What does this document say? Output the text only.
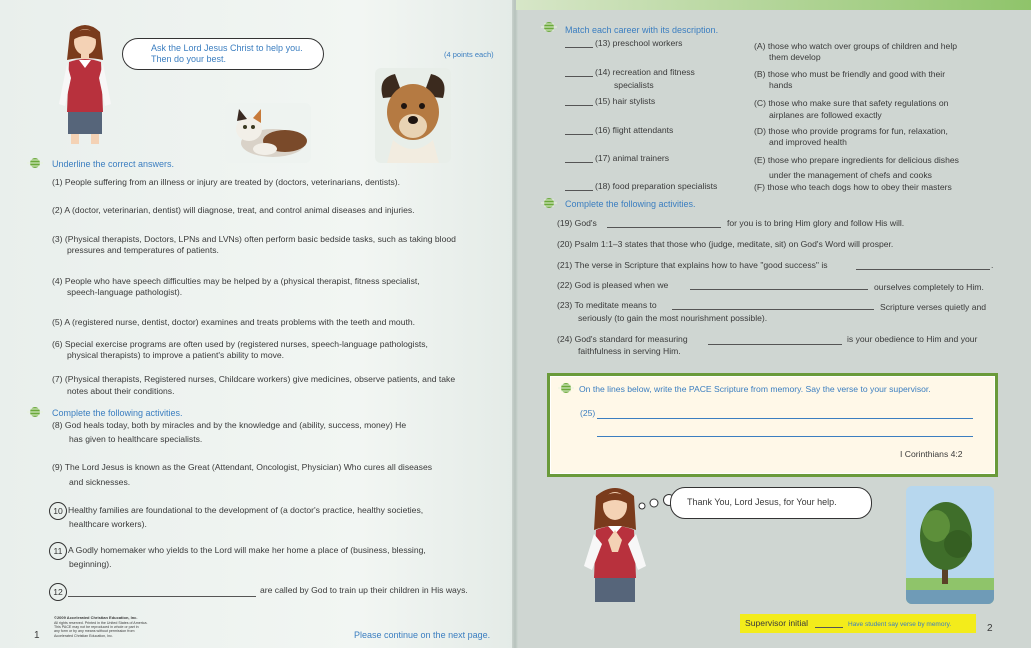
Ask the Lord Jesus Christ to help you.
Then do your best.	(4 points each)
Underline the correct answers.
(1) People suffering from an illness or injury are treated by (doctors, veterinarians, dentists).
(2) A (doctor, veterinarian, dentist) will diagnose, treat, and control animal diseases and injuries.
(3) (Physical therapists, Doctors, LPNs and LVNs) often perform basic bedside tasks, such as taking blood
pressures and temperatures of patients.
(4) People who have speech difficulties may be helped by a (physical therapist, fitness specialist,
speech-language pathologist).
(5) A (registered nurse, dentist, doctor) examines and treats problems with the teeth and mouth.
(6) Special exercise programs are often used by (registered nurses, speech-language pathologists,
physical therapists) to improve a patient's ability to move.
(7) (Physical therapists, Registered nurses, Childcare workers) give medicines, observe patients, and take
notes about their conditions.
Complete the following activities.
(8) God heals today, both by miracles and by the knowledge and (ability, success, money) He
has given to healthcare specialists.
(9) The Lord Jesus is known as the Great (Attendant, Oncologist, Physician) Who cures all diseases
and sicknesses.
10 Healthy families are foundational to the development of (a doctor's practice, healthy societies,
healthcare workers).
11 A Godly homemaker who yields to the Lord will make her home a place of (business, blessing,
beginning).
12	are called by God to train up their children in His ways.
©2009 Accelerated Christian Education, Inc.
All rights reserved. Printed in the United States of America.
This PACE may not be reproduced in whole or part in
any form or by any means without permission from
Accelerated Christian Education, Inc.
1	Please continue on the next page.
Match each career with its description.
(13) preschool workers
(14) recreation and fitness
specialists
(15) hair stylists
(16) flight attendants
(17) animal trainers
(18) food preparation specialists
(A) those who watch over groups of children and help
them develop
(B) those who must be friendly and good with their
hands
(C) those who make sure that safety regulations on
airplanes are followed exactly
(D) those who provide programs for fun, relaxation,
and improved health
(E) those who prepare ingredients for delicious dishes
under the management of chefs and cooks
(F) those who teach dogs how to obey their masters
Complete the following activities.
(19) God's	for you is to bring Him glory and follow His will.
(20) Psalm 1:1–3 states that those who (judge, meditate, sit) on God's Word will prosper.
(21) The verse in Scripture that explains how to have "good success" is	.
(22) God is pleased when we	ourselves completely to Him.
(23) To meditate means to	Scripture verses quietly and
seriously (to gain the most nourishment possible).
(24) God's standard for measuring	is your obedience to Him and your
faithfulness in serving Him.
On the lines below, write the PACE Scripture from memory. Say the verse to your supervisor.
(25)
I Corinthians 4:2
Thank You, Lord Jesus, for Your help.
Supervisor initial	Have student say verse by memory.	2
